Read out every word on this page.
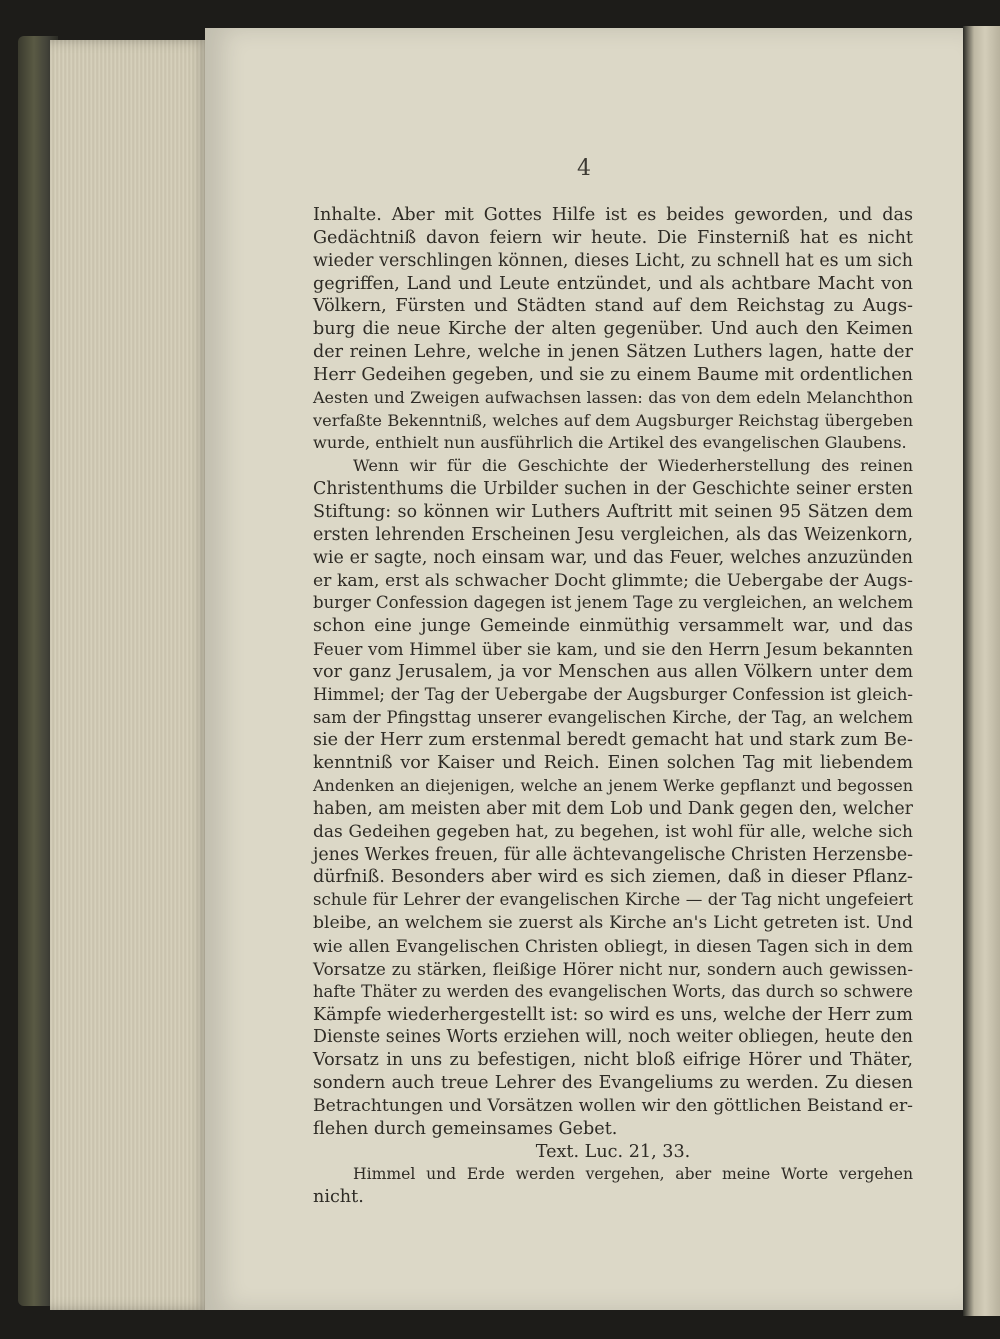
4
Inhalte. Aber mit Gottes Hilfe ist es beides geworden, und das
Gedächtniß davon feiern wir heute. Die Finsterniß hat es nicht
wieder verschlingen können, dieses Licht, zu schnell hat es um sich
gegriffen, Land und Leute entzündet, und als achtbare Macht von
Völkern, Fürsten und Städten stand auf dem Reichstag zu Augs-
burg die neue Kirche der alten gegenüber. Und auch den Keimen
der reinen Lehre, welche in jenen Sätzen Luthers lagen, hatte der
Herr Gedeihen gegeben, und sie zu einem Baume mit ordentlichen
Aesten und Zweigen aufwachsen lassen: das von dem edeln Melanchthon
verfaßte Bekenntniß, welches auf dem Augsburger Reichstag übergeben
wurde, enthielt nun ausführlich die Artikel des evangelischen Glaubens.
Wenn wir für die Geschichte der Wiederherstellung des reinen
Christenthums die Urbilder suchen in der Geschichte seiner ersten
Stiftung: so können wir Luthers Auftritt mit seinen 95 Sätzen dem
ersten lehrenden Erscheinen Jesu vergleichen, als das Weizenkorn,
wie er sagte, noch einsam war, und das Feuer, welches anzuzünden
er kam, erst als schwacher Docht glimmte; die Uebergabe der Augs-
burger Confession dagegen ist jenem Tage zu vergleichen, an welchem
schon eine junge Gemeinde einmüthig versammelt war, und das
Feuer vom Himmel über sie kam, und sie den Herrn Jesum bekannten
vor ganz Jerusalem, ja vor Menschen aus allen Völkern unter dem
Himmel; der Tag der Uebergabe der Augsburger Confession ist gleich-
sam der Pfingsttag unserer evangelischen Kirche, der Tag, an welchem
sie der Herr zum erstenmal beredt gemacht hat und stark zum Be-
kenntniß vor Kaiser und Reich. Einen solchen Tag mit liebendem
Andenken an diejenigen, welche an jenem Werke gepflanzt und begossen
haben, am meisten aber mit dem Lob und Dank gegen den, welcher
das Gedeihen gegeben hat, zu begehen, ist wohl für alle, welche sich
jenes Werkes freuen, für alle ächtevangelische Christen Herzensbe-
dürfniß. Besonders aber wird es sich ziemen, daß in dieser Pflanz-
schule für Lehrer der evangelischen Kirche — der Tag nicht ungefeiert
bleibe, an welchem sie zuerst als Kirche an's Licht getreten ist. Und
wie allen Evangelischen Christen obliegt, in diesen Tagen sich in dem
Vorsatze zu stärken, fleißige Hörer nicht nur, sondern auch gewissen-
hafte Thäter zu werden des evangelischen Worts, das durch so schwere
Kämpfe wiederhergestellt ist: so wird es uns, welche der Herr zum
Dienste seines Worts erziehen will, noch weiter obliegen, heute den
Vorsatz in uns zu befestigen, nicht bloß eifrige Hörer und Thäter,
sondern auch treue Lehrer des Evangeliums zu werden. Zu diesen
Betrachtungen und Vorsätzen wollen wir den göttlichen Beistand er-
flehen durch gemeinsames Gebet.
Text. Luc. 21, 33.
Himmel und Erde werden vergehen, aber meine Worte vergehen
nicht.
